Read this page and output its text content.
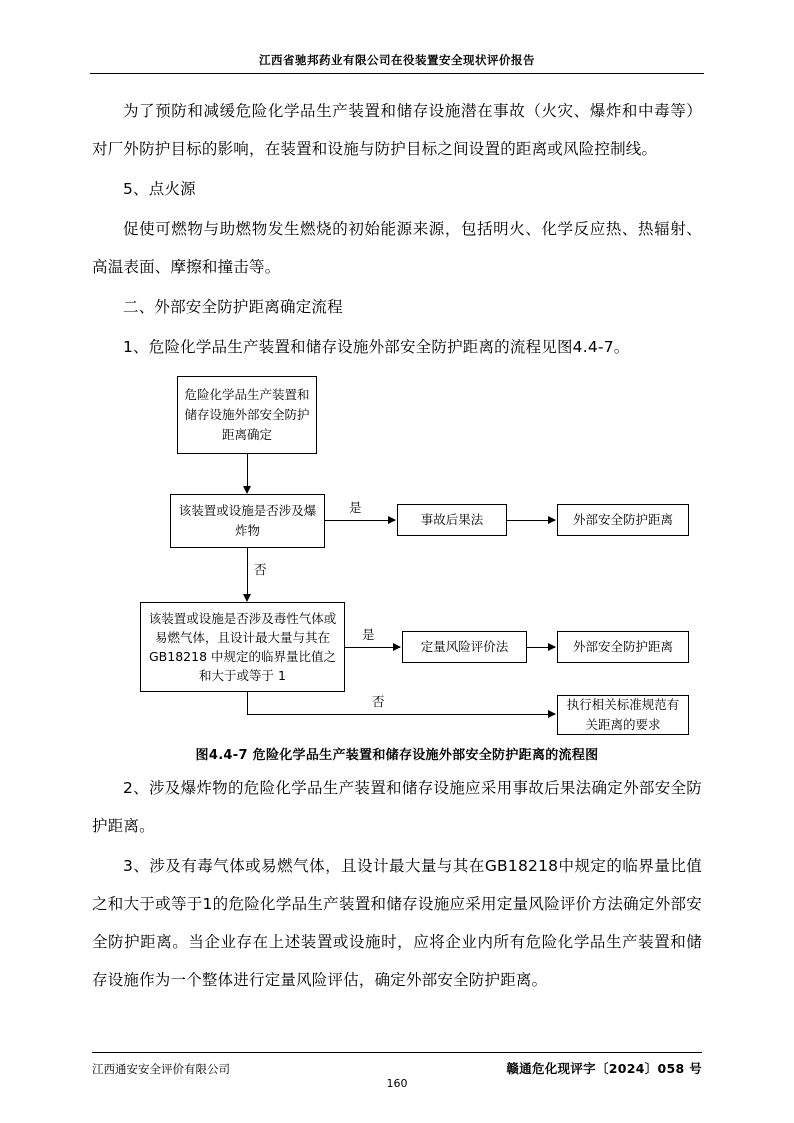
江西省驰邦药业有限公司在役装置安全现状评价报告

为了预防和减缓危险化学品生产装置和储存设施潜在事故（火灾、爆炸和中毒等）对厂外防护目标的影响，在装置和设施与防护目标之间设置的距离或风险控制线。

5、点火源

促使可燃物与助燃物发生燃烧的初始能源来源，包括明火、化学反应热、热辐射、高温表面、摩擦和撞击等。

二、外部安全防护距离确定流程

1、危险化学品生产装置和储存设施外部安全防护距离的流程见图4.4-7。

危险化学品生产装置和储存设施外部安全防护距离确定
该装置或设施是否涉及爆炸物
是
事故后果法	外部安全防护距离
否
该装置或设施是否涉及毒性气体或易燃气体，且设计最大量与其在 GB18218 中规定的临界量比值之和大于或等于 1
是
定量风险评价法	外部安全防护距离
否	执行相关标准规范有关距离的要求
图4.4-7 危险化学品生产装置和储存设施外部安全防护距离的流程图

2、涉及爆炸物的危险化学品生产装置和储存设施应采用事故后果法确定外部安全防护距离。

3、涉及有毒气体或易燃气体，且设计最大量与其在GB18218中规定的临界量比值之和大于或等于1的危险化学品生产装置和储存设施应采用定量风险评价方法确定外部安全防护距离。当企业存在上述装置或设施时，应将企业内所有危险化学品生产装置和储存设施作为一个整体进行定量风险评估，确定外部安全防护距离。

江西通安安全评价有限公司	赣通危化现评字〔2024〕058 号
160
